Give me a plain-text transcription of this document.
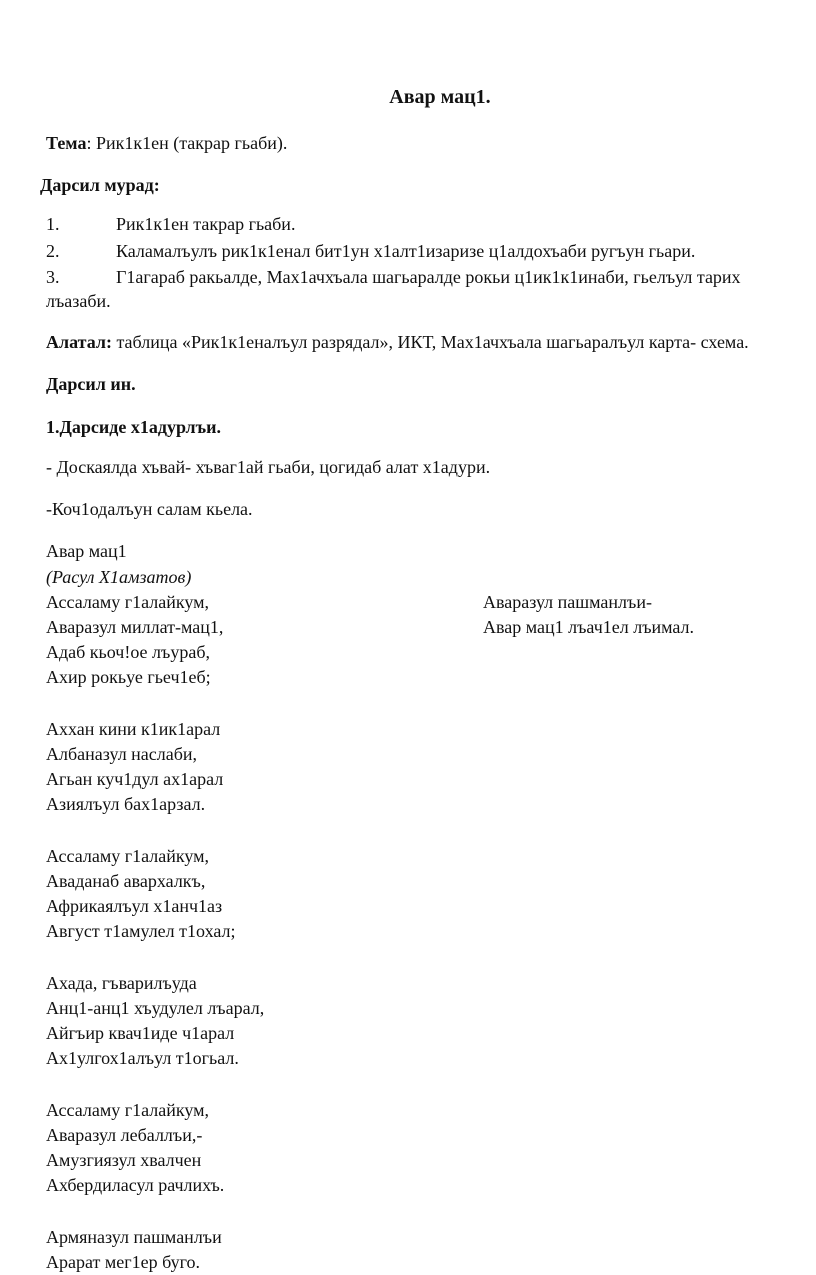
Авар мац1.
Тема: Рик1к1ен (такрар гьаби).
Дарсил мурад:
1.	Рик1к1ен такрар гьаби.
2.	Каламалъулъ рик1к1енал бит1ун х1алт1изаризе ц1алдохъаби ругъун гьари.
3.	Г1агараб ракьалде, Мах1ачхъала шагьаралде рокьи ц1ик1к1инаби, гьелъул тарих
лъазаби.
Алатал: таблица «Рик1к1еналъул разрядал», ИКТ, Мах1ачхъала шагьаралъул карта- схема.
Дарсил ин.
1.Дарсиде х1адурлъи.
- Доскаялда хъвай- хъваг1ай гьаби, цогидаб алат х1адури.
-Коч1одалъун салам кьела.
Авар мац1
(Расул Х1амзатов)
Ассаламу г1алайкум,
Аваразул миллат-мац1,
Адаб кьоч!ое лъураб,
Ахир рокьуе гьеч1еб;
Аххан кини к1ик1арал
Албаназул наслаби,
Агьан куч1дул ах1арал
Азиялъул бах1арзал.
Ассаламу г1алайкум,
Аваданаб авархалкъ,
Африкаялъул х1анч1аз
Август т1амулел т1охал;
Ахада, гъварилъуда
Анц1-анц1 хъудулел лъарал,
Айгъир квач1иде ч1арал
Ах1улгох1алъул т1огьал.
Ассаламу г1алайкум,
Аваразул лебаллъи,-
Амузгиязул хвалчен
Ахбердиласул рачлихъ.
Армяназул пашманлъи
Арарат мег1ер буго.
Аваразул пашманлъи-
Авар мац1 лъач1ел лъимал.
